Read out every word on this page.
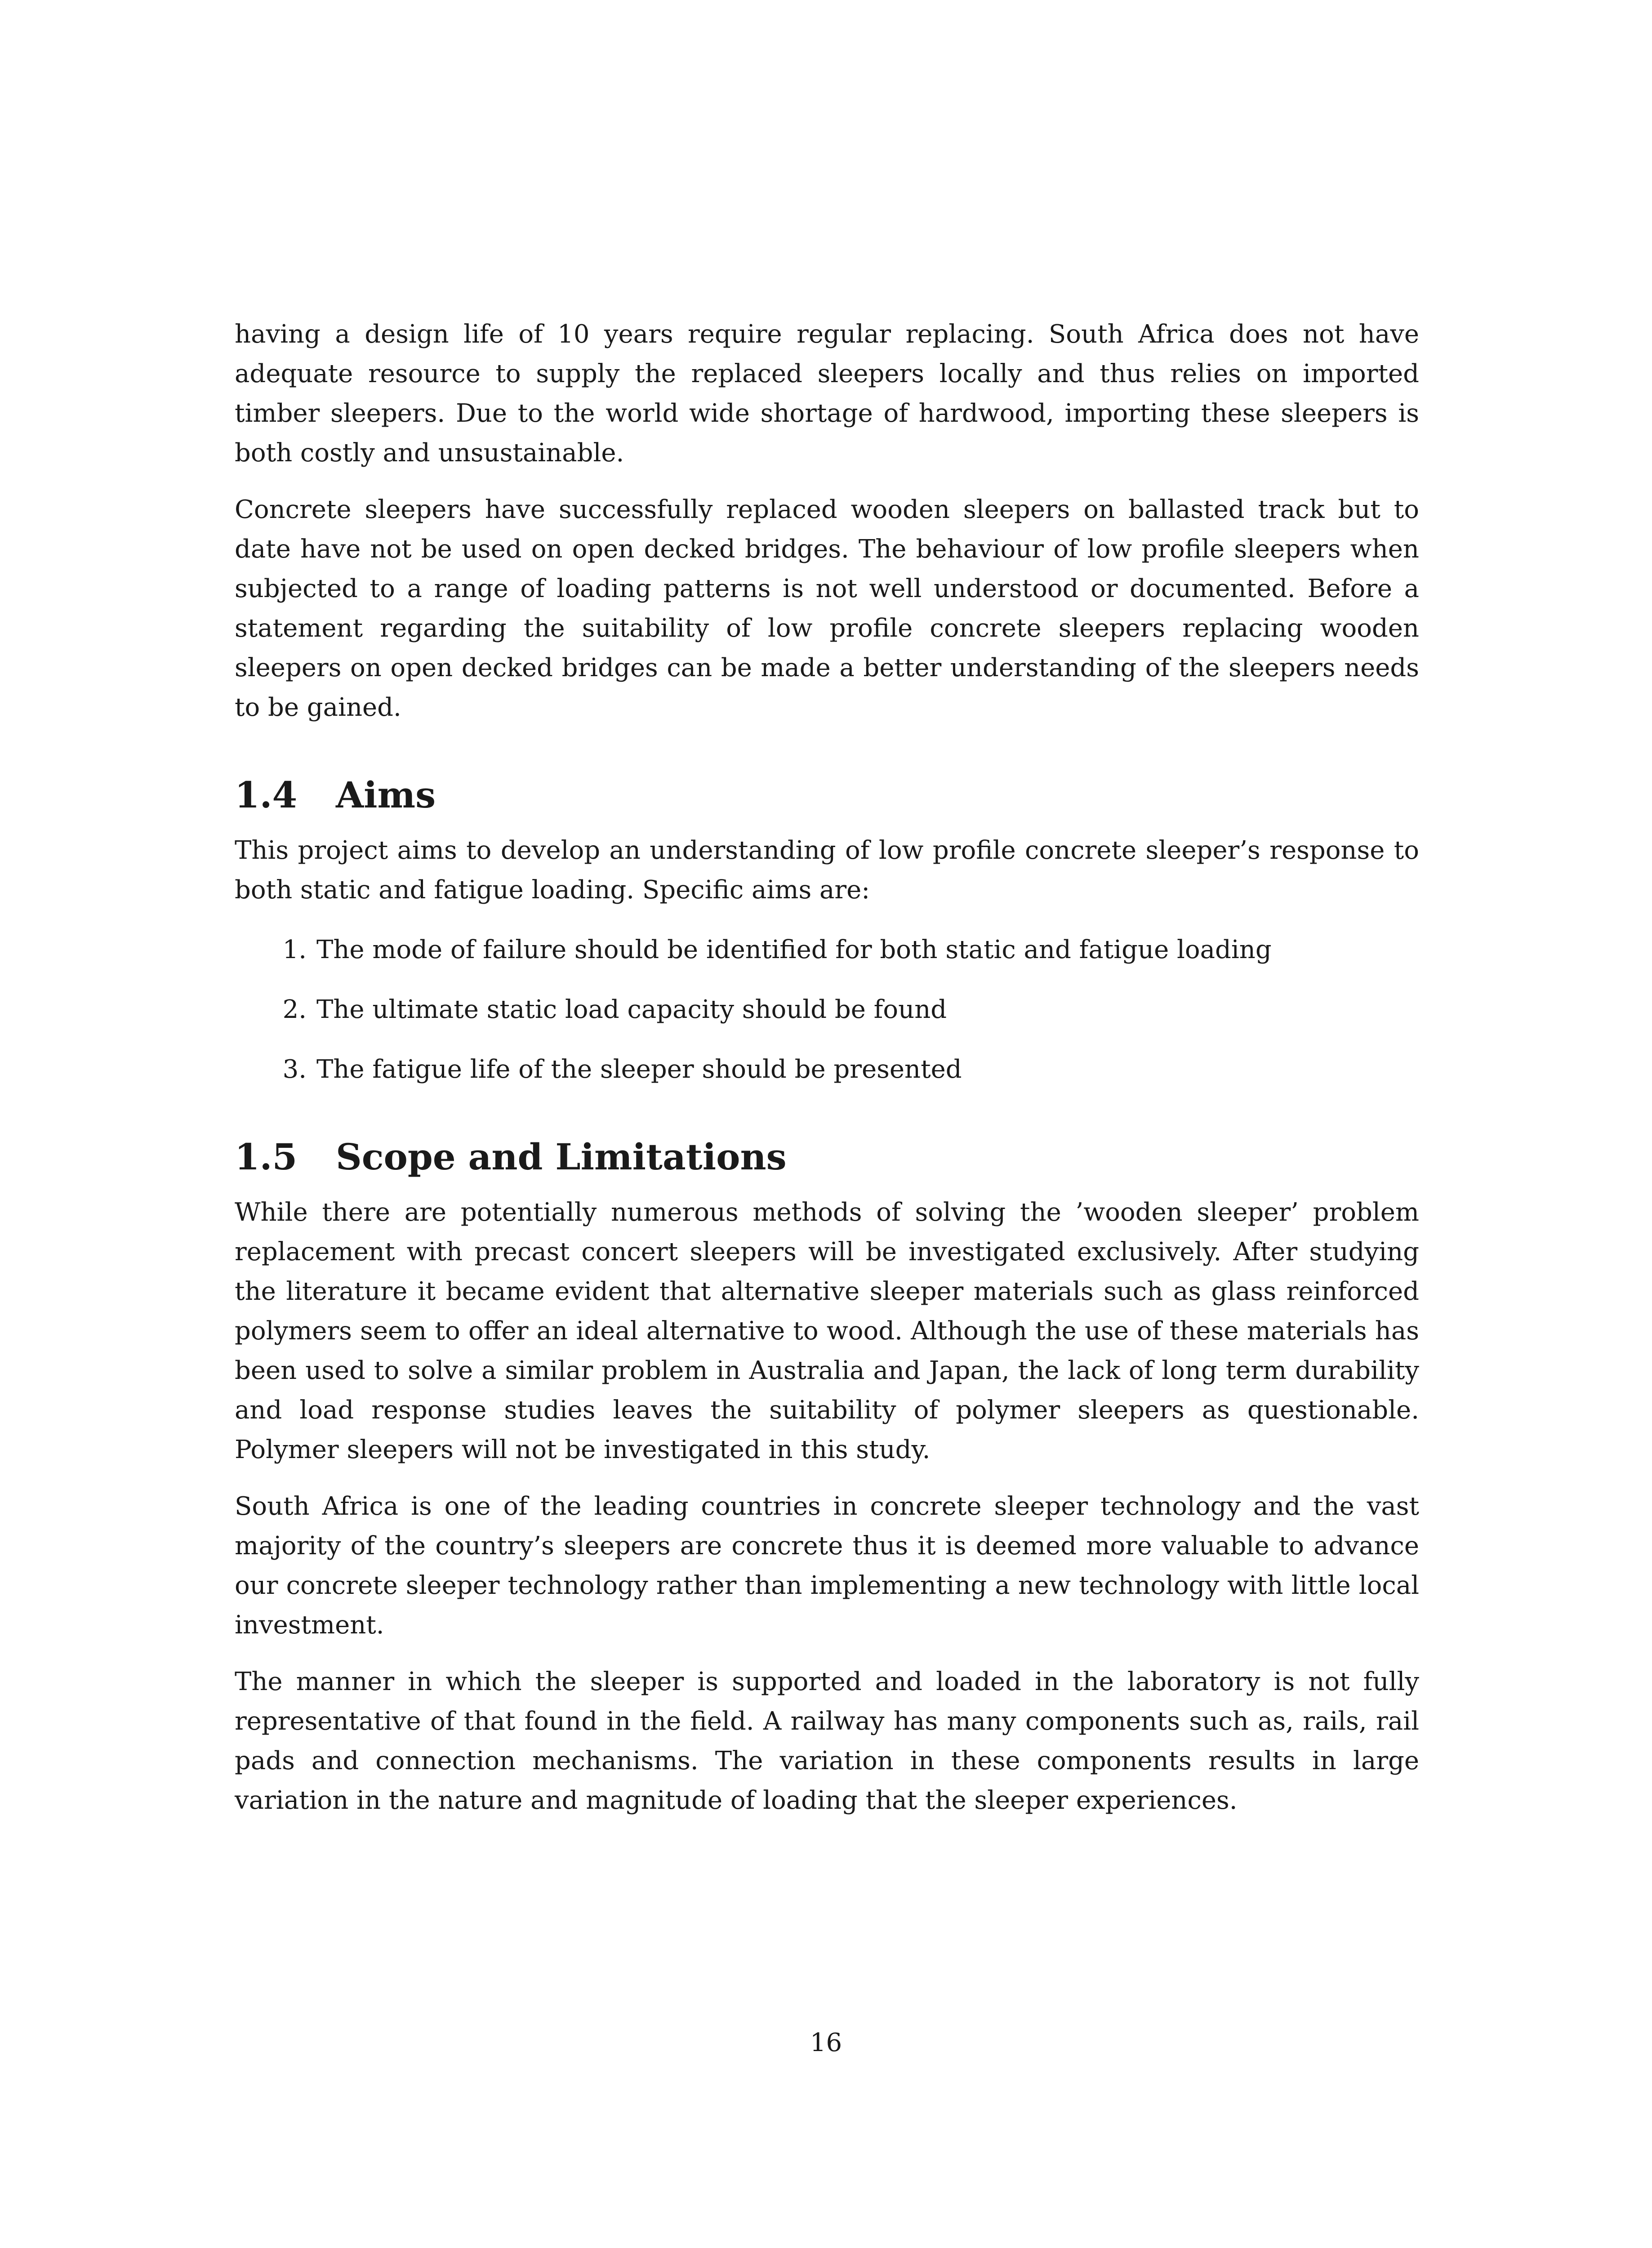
having a design life of 10 years require regular replacing. South Africa does not have adequate resource to supply the replaced sleepers locally and thus relies on imported timber sleepers. Due to the world wide shortage of hardwood, importing these sleepers is both costly and unsustainable.

Concrete sleepers have successfully replaced wooden sleepers on ballasted track but to date have not be used on open decked bridges. The behaviour of low profile sleepers when subjected to a range of loading patterns is not well understood or documented. Before a statement regarding the suitability of low profile concrete sleepers replacing wooden sleepers on open decked bridges can be made a better understanding of the sleepers needs to be gained.

1.4	Aims

This project aims to develop an understanding of low profile concrete sleeper’s response to both static and fatigue loading. Specific aims are:

1. The mode of failure should be identified for both static and fatigue loading
2. The ultimate static load capacity should be found
3. The fatigue life of the sleeper should be presented
1.5	Scope and Limitations

While there are potentially numerous methods of solving the ’wooden sleeper’ problem replacement with precast concert sleepers will be investigated exclusively. After studying the literature it became evident that alternative sleeper materials such as glass reinforced polymers seem to offer an ideal alternative to wood. Although the use of these materials has been used to solve a similar problem in Australia and Japan, the lack of long term durability and load response studies leaves the suitability of polymer sleepers as questionable. Polymer sleepers will not be investigated in this study.

South Africa is one of the leading countries in concrete sleeper technology and the vast majority of the country’s sleepers are concrete thus it is deemed more valuable to advance our concrete sleeper technology rather than implementing a new technology with little local investment.

The manner in which the sleeper is supported and loaded in the laboratory is not fully representative of that found in the field. A railway has many components such as, rails, rail pads and connection mechanisms. The variation in these components results in large variation in the nature and magnitude of loading that the sleeper experiences.

16
